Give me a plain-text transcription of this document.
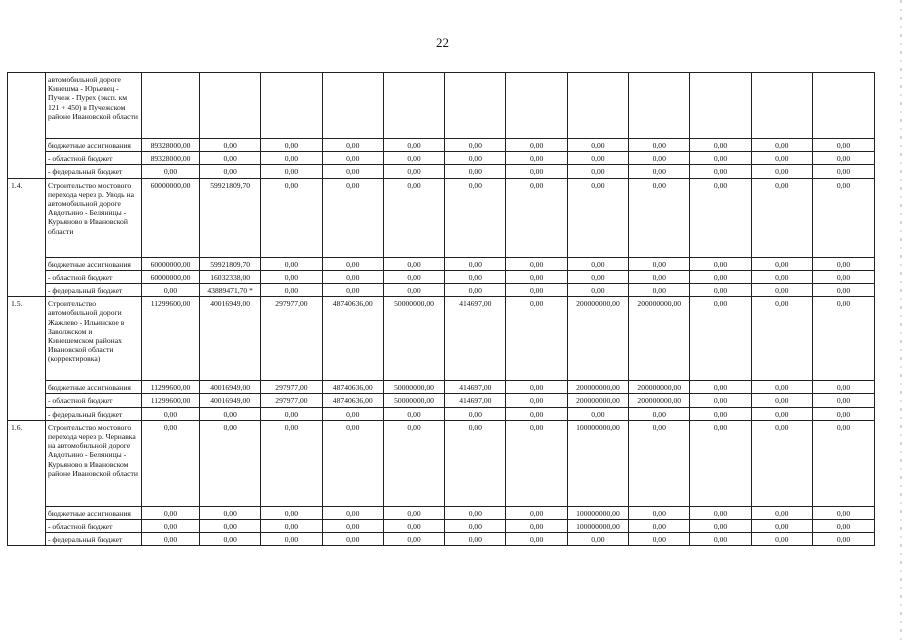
22
	автомобильной дороге Кинешма - Юрьевец - Пучеж - Пурех (эксп. км 121 + 450) в Пучежском районе Ивановской области												
	бюджетные ассигнования	89328000,00	0,00	0,00	0,00	0,00	0,00	0,00	0,00	0,00	0,00	0,00	0,00
	- областной бюджет	89328000,00	0,00	0,00	0,00	0,00	0,00	0,00	0,00	0,00	0,00	0,00	0,00
	- федеральный бюджет	0,00	0,00	0,00	0,00	0,00	0,00	0,00	0,00	0,00	0,00	0,00	0,00
1.4.	Строительство мостового перехода через р. Уводь на автомобильной дороге Авдотьино - Беляницы - Курьяново в Ивановской области	60000000,00	59921809,70	0,00	0,00	0,00	0,00	0,00	0,00	0,00	0,00	0,00	0,00
	бюджетные ассигнования	60000000,00	59921809,70	0,00	0,00	0,00	0,00	0,00	0,00	0,00	0,00	0,00	0,00
	- областной бюджет	60000000,00	16032338,00	0,00	0,00	0,00	0,00	0,00	0,00	0,00	0,00	0,00	0,00
	- федеральный бюджет	0,00	43889471,70 *	0,00	0,00	0,00	0,00	0,00	0,00	0,00	0,00	0,00	0,00
1.5.	Строительство автомобильной дороги Жажлево - Ильинское в Заволжском и Кинешемском районах Ивановской области (корректировка)	11299600,00	40016949,00	297977,00	48740636,00	50000000,00	414697,00	0,00	200000000,00	200000000,00	0,00	0,00	0,00
	бюджетные ассигнования	11299600,00	40016949,00	297977,00	48740636,00	50000000,00	414697,00	0,00	200000000,00	200000000,00	0,00	0,00	0,00
	- областной бюджет	11299600,00	40016949,00	297977,00	48740636,00	50000000,00	414697,00	0,00	200000000,00	200000000,00	0,00	0,00	0,00
	- федеральный бюджет	0,00	0,00	0,00	0,00	0,00	0,00	0,00	0,00	0,00	0,00	0,00	0,00
1.6.	Строительство мостового перехода через р. Чернавка на автомобильной дороге Авдотьино - Беляницы - Курьяново в Ивановском районе Ивановской области	0,00	0,00	0,00	0,00	0,00	0,00	0,00	100000000,00	0,00	0,00	0,00	0,00
	бюджетные ассигнования	0,00	0,00	0,00	0,00	0,00	0,00	0,00	100000000,00	0,00	0,00	0,00	0,00
	- областной бюджет	0,00	0,00	0,00	0,00	0,00	0,00	0,00	100000000,00	0,00	0,00	0,00	0,00
	- федеральный бюджет	0,00	0,00	0,00	0,00	0,00	0,00	0,00	0,00	0,00	0,00	0,00	0,00
